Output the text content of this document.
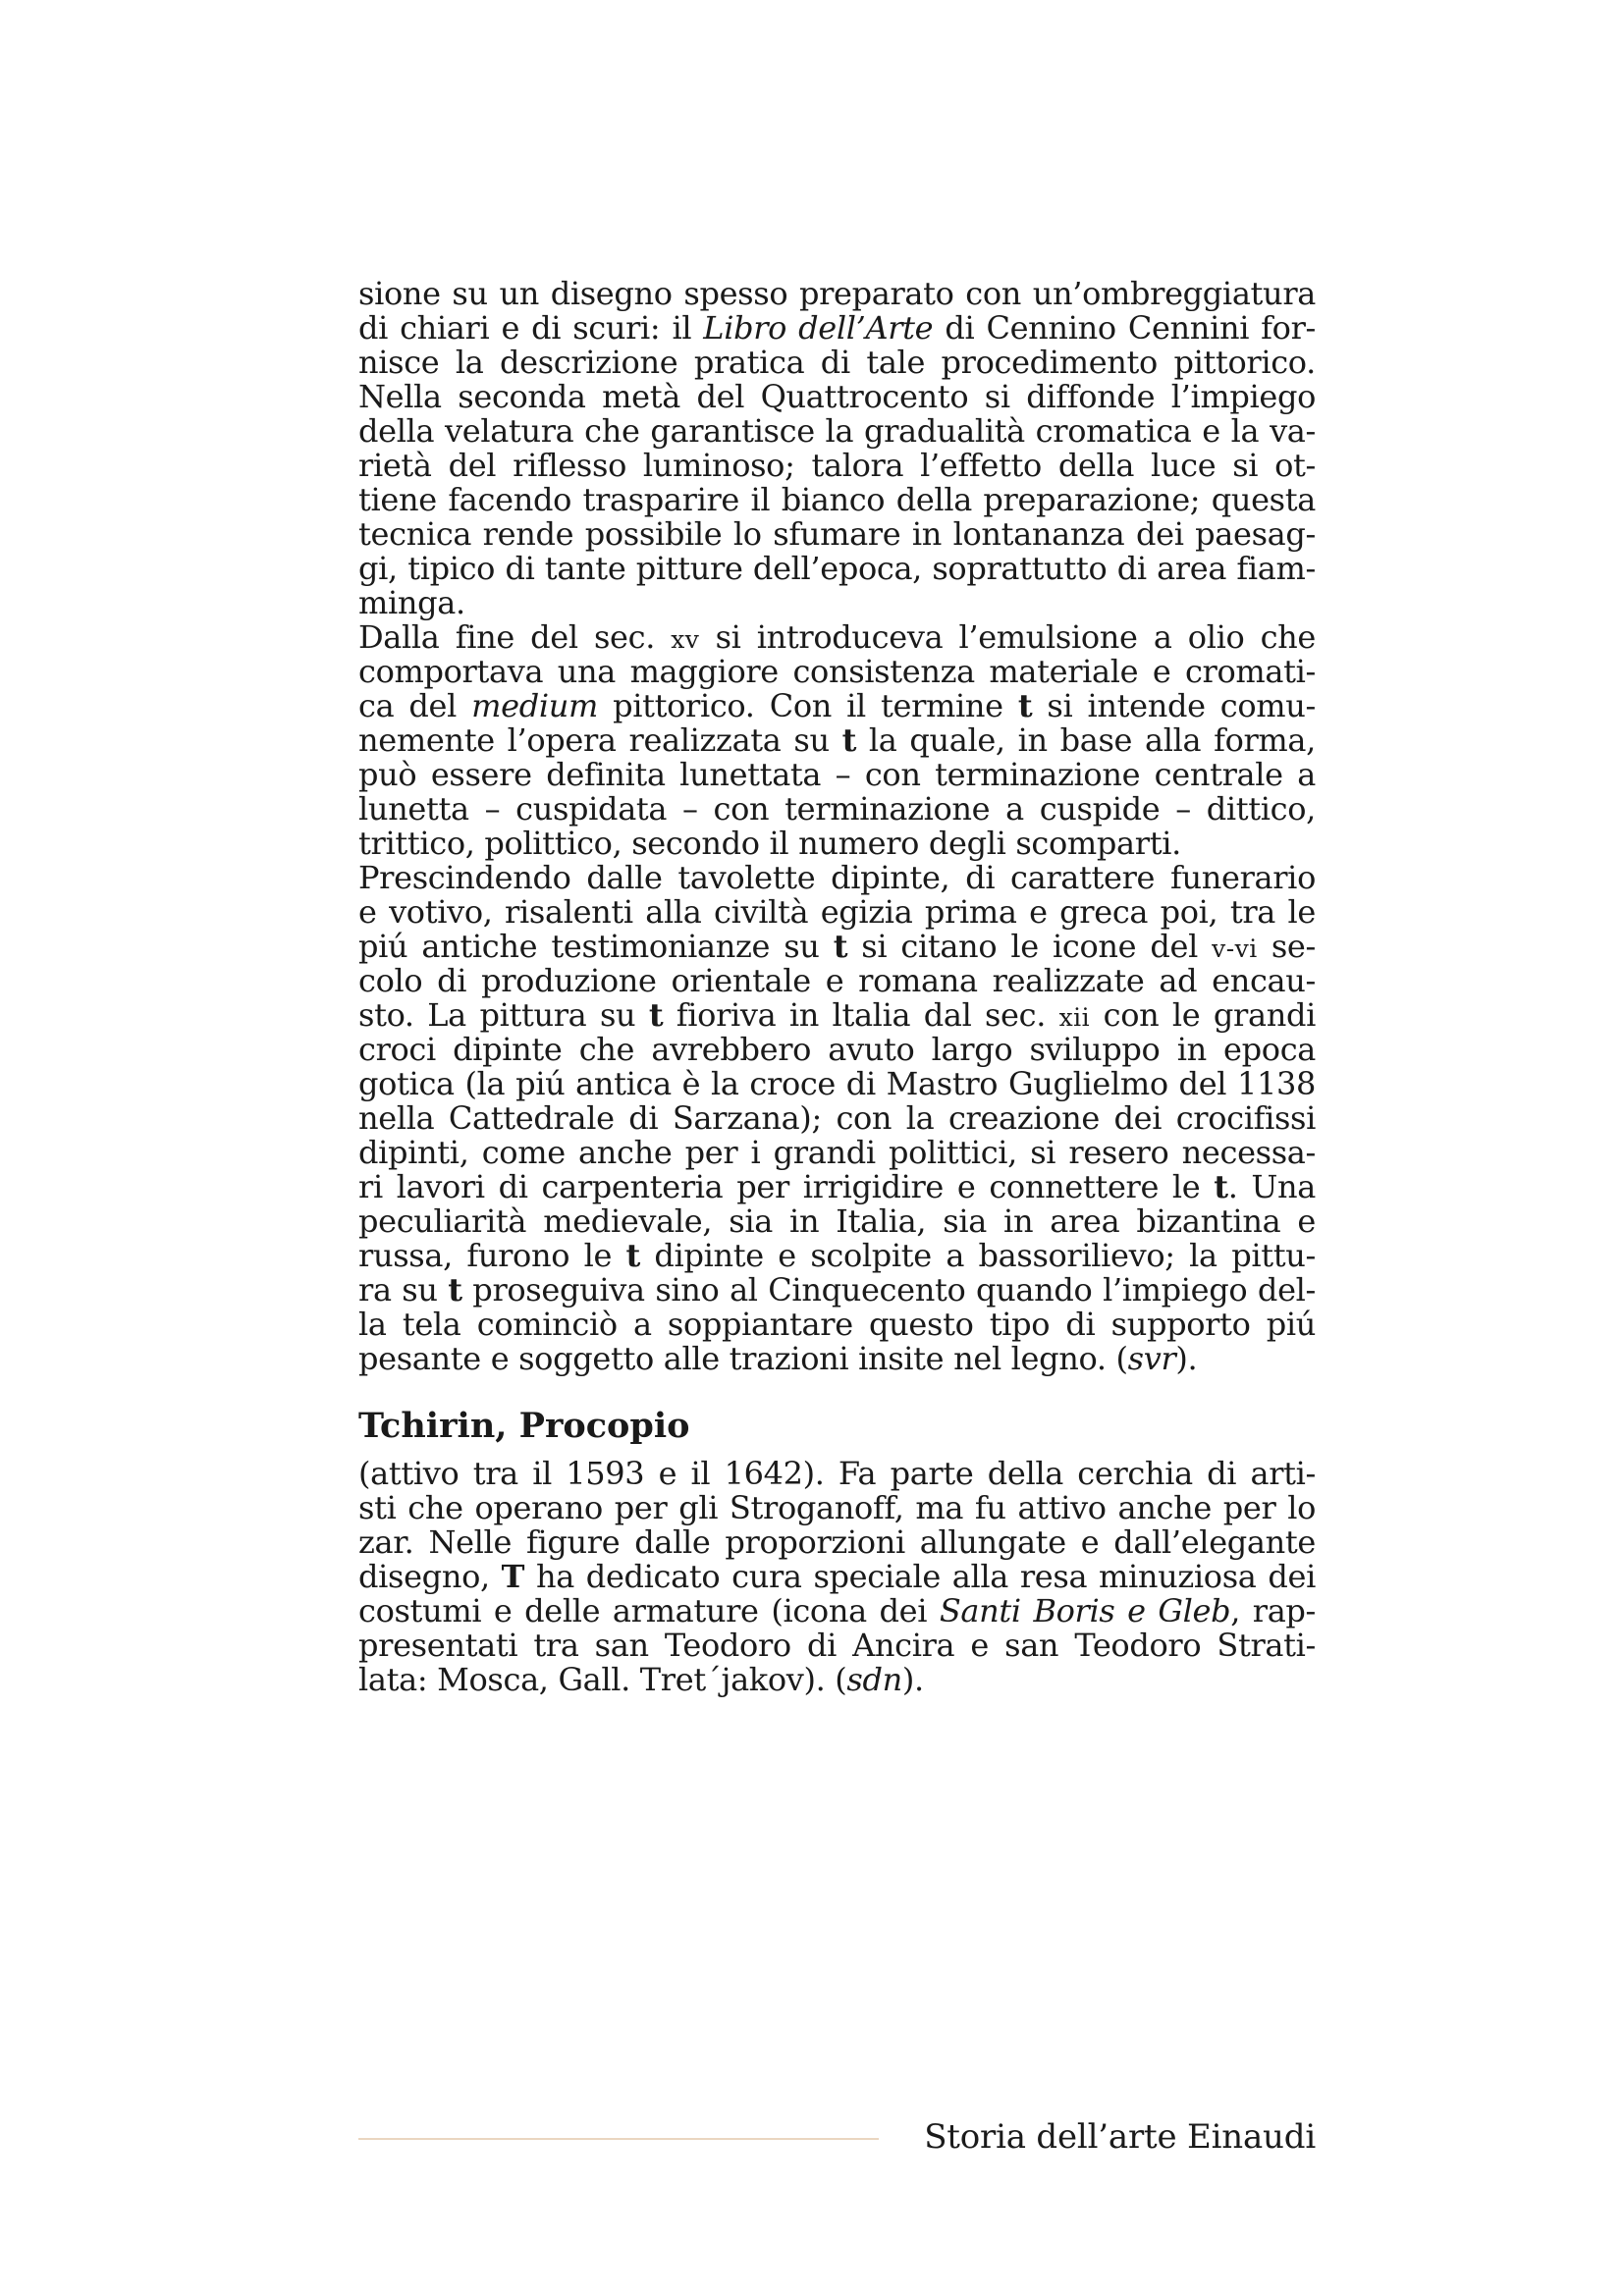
sione su un disegno spesso preparato con un’ombreggiatura
di chiari e di scuri: il Libro dell’Arte di Cennino Cennini for-
nisce la descrizione pratica di tale procedimento pittorico.
Nella seconda metà del Quattrocento si diffonde l’impiego
della velatura che garantisce la gradualità cromatica e la va-
rietà del riflesso luminoso; talora l’effetto della luce si ot-
tiene facendo trasparire il bianco della preparazione; questa
tecnica rende possibile lo sfumare in lontananza dei paesag-
gi, tipico di tante pitture dell’epoca, soprattutto di area fiam-
minga.
Dalla fine del sec. xv si introduceva l’emulsione a olio che
comportava una maggiore consistenza materiale e cromati-
ca del medium pittorico. Con il termine t si intende comu-
nemente l’opera realizzata su t la quale, in base alla forma,
può essere definita lunettata – con terminazione centrale a
lunetta – cuspidata – con terminazione a cuspide – dittico,
trittico, polittico, secondo il numero degli scomparti.
Prescindendo dalle tavolette dipinte, di carattere funerario
e votivo, risalenti alla civiltà egizia prima e greca poi, tra le
piú antiche testimonianze su t si citano le icone del v-vi se-
colo di produzione orientale e romana realizzate ad encau-
sto. La pittura su t fioriva in ltalia dal sec. xii con le grandi
croci dipinte che avrebbero avuto largo sviluppo in epoca
gotica (la piú antica è la croce di Mastro Guglielmo del 1138
nella Cattedrale di Sarzana); con la creazione dei crocifissi
dipinti, come anche per i grandi polittici, si resero necessa-
ri lavori di carpenteria per irrigidire e connettere le t. Una
peculiarità medievale, sia in Italia, sia in area bizantina e
russa, furono le t dipinte e scolpite a bassorilievo; la pittu-
ra su t proseguiva sino al Cinquecento quando l’impiego del-
la tela cominciò a soppiantare questo tipo di supporto piú
pesante e soggetto alle trazioni insite nel legno. (svr).
Tchirin, Procopio
(attivo tra il 1593 e il 1642). Fa parte della cerchia di arti-
sti che operano per gli Stroganoff, ma fu attivo anche per lo
zar. Nelle figure dalle proporzioni allungate e dall’elegante
disegno, T ha dedicato cura speciale alla resa minuziosa dei
costumi e delle armature (icona dei Santi Boris e Gleb, rap-
presentati tra san Teodoro di Ancira e san Teodoro Strati-
lata: Mosca, Gall. Tret´jakov). (sdn).
Storia dell’arte Einaudi
